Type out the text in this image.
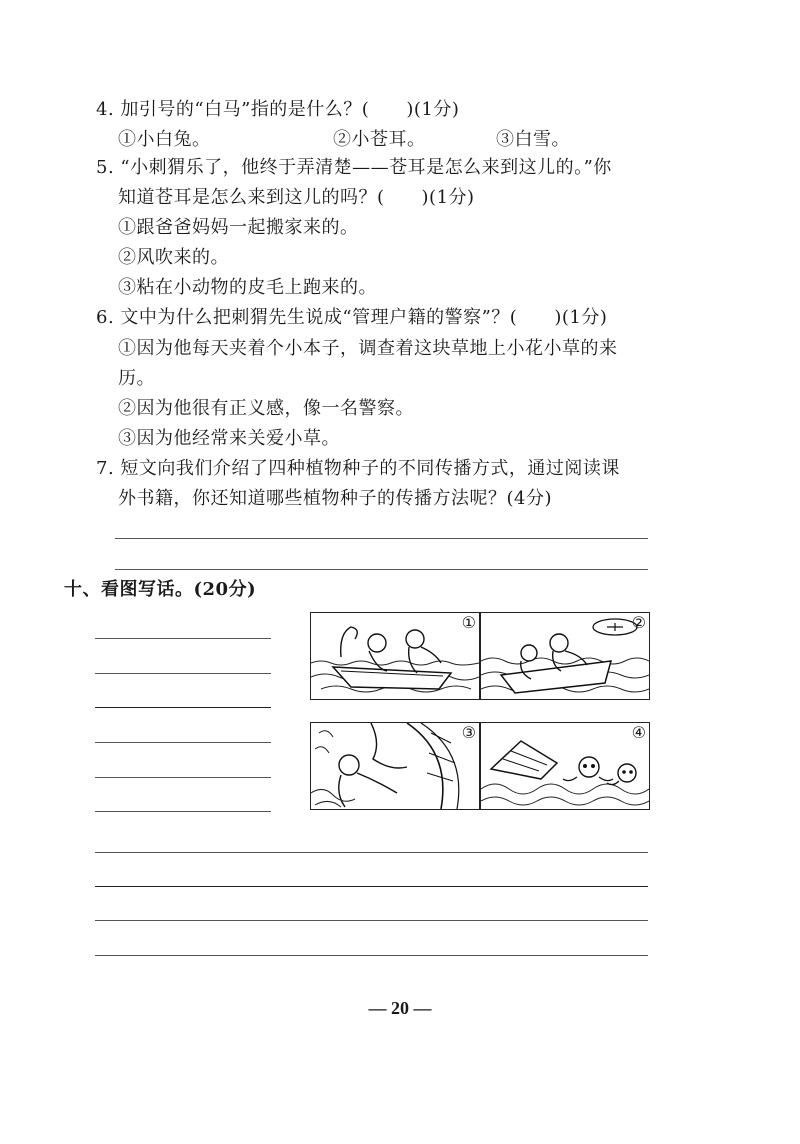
4. 加引号的“白马”指的是什么？(　　)(1分)
①小白兔。	②小苍耳。	③白雪。
5. “小刺猬乐了，他终于弄清楚——苍耳是怎么来到这儿的。”你
知道苍耳是怎么来到这儿的吗？(　　)(1分)
①跟爸爸妈妈一起搬家来的。
②风吹来的。
③粘在小动物的皮毛上跑来的。
6. 文中为什么把刺猬先生说成“管理户籍的警察”？(　　)(1分)
①因为他每天夹着个小本子，调查着这块草地上小花小草的来
历。
②因为他很有正义感，像一名警察。
③因为他经常来关爱小草。
7. 短文向我们介绍了四种植物种子的不同传播方式，通过阅读课
外书籍，你还知道哪些植物种子的传播方法呢？(4分)
十、看图写话。(20分)
①	②
③	④
— 20 —
